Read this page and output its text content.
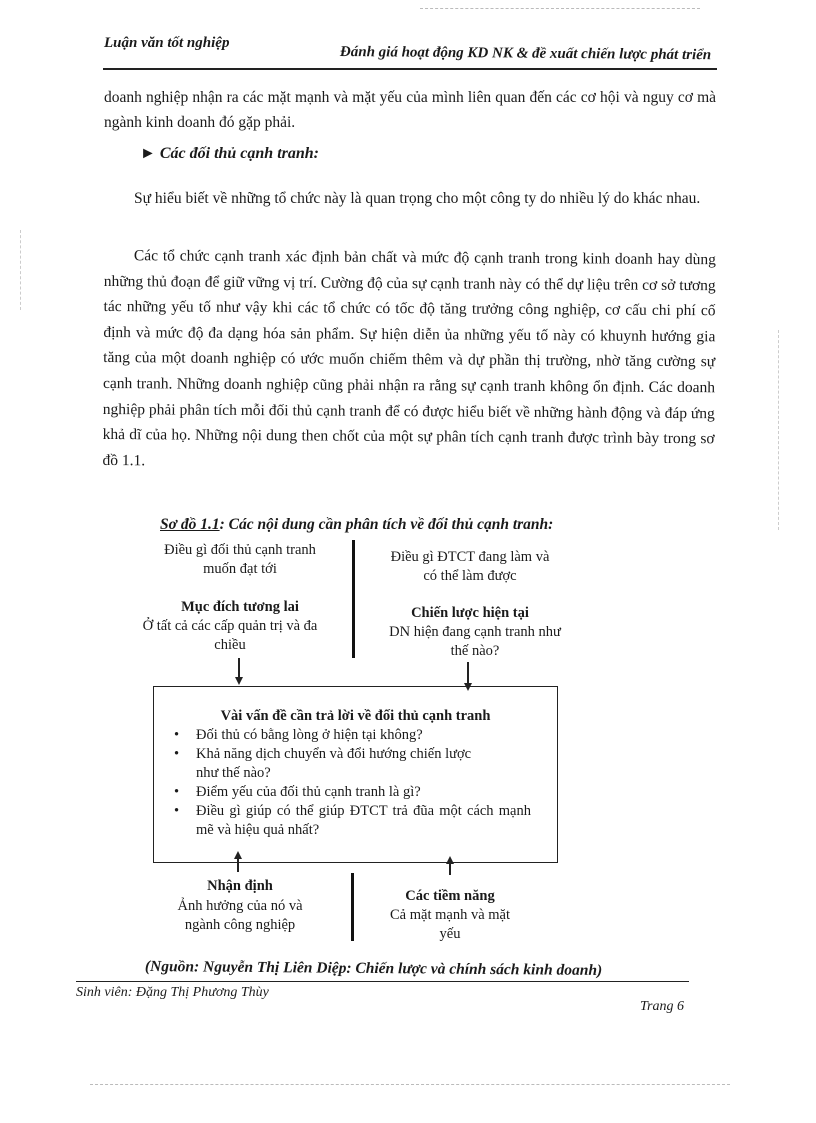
Luận văn tốt nghiệp
Đánh giá hoạt động KD NK & đề xuất chiến lược phát triển
doanh nghiệp nhận ra các mặt mạnh và mặt yếu của mình liên quan đến các cơ hội và nguy cơ mà ngành kinh doanh đó gặp phải.
► Các đối thủ cạnh tranh:
Sự hiểu biết về những tổ chức này là quan trọng cho một công ty do nhiều lý do khác nhau.
Các tổ chức cạnh tranh xác định bản chất và mức độ cạnh tranh trong kinh doanh hay dùng những thủ đoạn để giữ vững vị trí. Cường độ của sự cạnh tranh này có thể dự liệu trên cơ sở tương tác những yếu tố như vậy khi các tổ chức có tốc độ tăng trưởng công nghiệp, cơ cấu chi phí cố định và mức độ đa dạng hóa sản phẩm. Sự hiện diễn ủa những yếu tố này có khuynh hướng gia tăng của một doanh nghiệp có ước muốn chiếm thêm và dự phần thị trường, nhờ tăng cường sự cạnh tranh. Những doanh nghiệp cũng phải nhận ra rằng sự cạnh tranh không ổn định. Các doanh nghiệp phải phân tích mỗi đối thủ cạnh tranh để có được hiểu biết về những hành động và đáp ứng khả dĩ của họ. Những nội dung then chốt của một sự phân tích cạnh tranh được trình bày trong sơ đồ 1.1.
Sơ đồ 1.1: Các nội dung cần phân tích về đối thủ cạnh tranh:
Điều gì đối thủ cạnh tranh muốn đạt tới
Mục đích tương lai
Ở tất cả các cấp quản trị và đa chiều
Điều gì ĐTCT đang làm và có thể làm được
Chiến lược hiện tại
DN hiện đang cạnh tranh như thế nào?
Vài vấn đề cần trả lời về đối thủ cạnh tranh
• Đối thủ có bằng lòng ở hiện tại không?
• Khả năng dịch chuyển và đổi hướng chiến lược như thế nào?
• Điểm yếu của đối thủ cạnh tranh là gì?
• Điều gì giúp có thể giúp ĐTCT trả đũa một cách mạnh mẽ và hiệu quả nhất?
Nhận định
Ảnh hưởng của nó và ngành công nghiệp
Các tiềm năng
Cả mặt mạnh và mặt yếu
(Nguồn: Nguyễn Thị Liên Diệp: Chiến lược và chính sách kinh doanh)
Sinh viên: Đặng Thị Phương Thùy
Trang 6
